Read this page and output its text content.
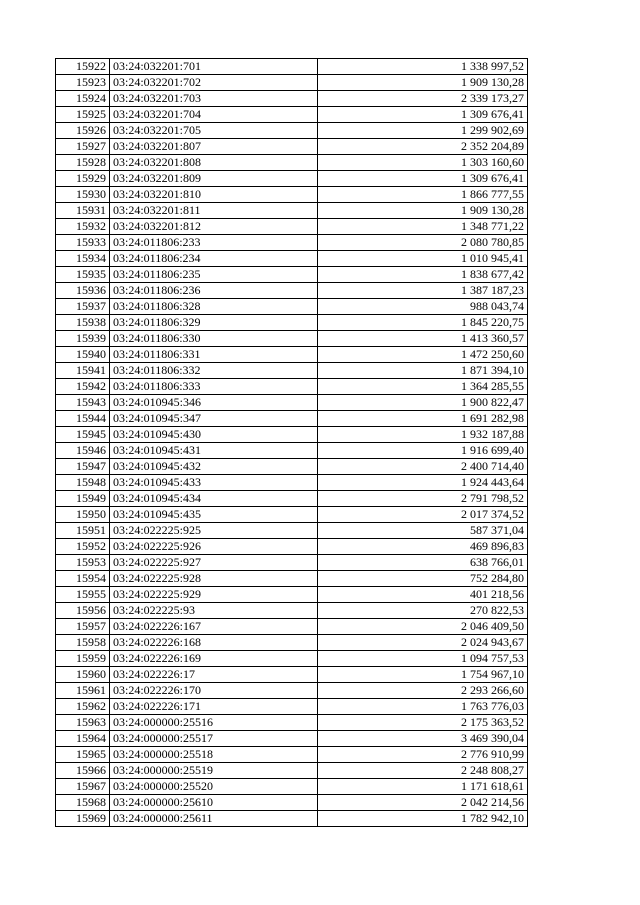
15922	03:24:032201:701	1 338 997,52
15923	03:24:032201:702	1 909 130,28
15924	03:24:032201:703	2 339 173,27
15925	03:24:032201:704	1 309 676,41
15926	03:24:032201:705	1 299 902,69
15927	03:24:032201:807	2 352 204,89
15928	03:24:032201:808	1 303 160,60
15929	03:24:032201:809	1 309 676,41
15930	03:24:032201:810	1 866 777,55
15931	03:24:032201:811	1 909 130,28
15932	03:24:032201:812	1 348 771,22
15933	03:24:011806:233	2 080 780,85
15934	03:24:011806:234	1 010 945,41
15935	03:24:011806:235	1 838 677,42
15936	03:24:011806:236	1 387 187,23
15937	03:24:011806:328	988 043,74
15938	03:24:011806:329	1 845 220,75
15939	03:24:011806:330	1 413 360,57
15940	03:24:011806:331	1 472 250,60
15941	03:24:011806:332	1 871 394,10
15942	03:24:011806:333	1 364 285,55
15943	03:24:010945:346	1 900 822,47
15944	03:24:010945:347	1 691 282,98
15945	03:24:010945:430	1 932 187,88
15946	03:24:010945:431	1 916 699,40
15947	03:24:010945:432	2 400 714,40
15948	03:24:010945:433	1 924 443,64
15949	03:24:010945:434	2 791 798,52
15950	03:24:010945:435	2 017 374,52
15951	03:24:022225:925	587 371,04
15952	03:24:022225:926	469 896,83
15953	03:24:022225:927	638 766,01
15954	03:24:022225:928	752 284,80
15955	03:24:022225:929	401 218,56
15956	03:24:022225:93	270 822,53
15957	03:24:022226:167	2 046 409,50
15958	03:24:022226:168	2 024 943,67
15959	03:24:022226:169	1 094 757,53
15960	03:24:022226:17	1 754 967,10
15961	03:24:022226:170	2 293 266,60
15962	03:24:022226:171	1 763 776,03
15963	03:24:000000:25516	2 175 363,52
15964	03:24:000000:25517	3 469 390,04
15965	03:24:000000:25518	2 776 910,99
15966	03:24:000000:25519	2 248 808,27
15967	03:24:000000:25520	1 171 618,61
15968	03:24:000000:25610	2 042 214,56
15969	03:24:000000:25611	1 782 942,10
